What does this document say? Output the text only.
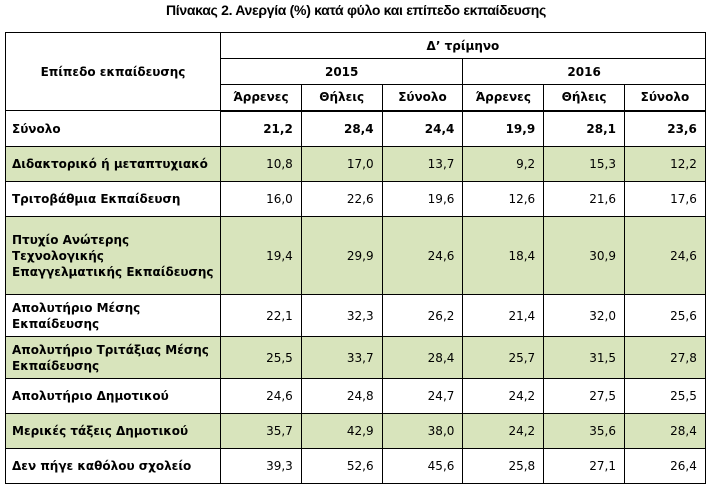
Πίνακας 2. Ανεργία (%) κατά φύλο και επίπεδο εκπαίδευσης
Επίπεδο εκπαίδευσης	Δ’ τρίμηνο					
	2015			2016		
	Άρρενες	Θήλεις	Σύνολο	Άρρενες	Θήλεις	Σύνολο
Σύνολο	21,2	28,4	24,4	19,9	28,1	23,6
Διδακτορικό ή μεταπτυχιακό	10,8	17,0	13,7	9,2	15,3	12,2
Τριτοβάθμια Εκπαίδευση	16,0	22,6	19,6	12,6	21,6	17,6
Πτυχίο Ανώτερης Τεχνολογικής Επαγγελματικής Εκπαίδευσης	19,4	29,9	24,6	18,4	30,9	24,6
Απολυτήριο Μέσης Εκπαίδευσης	22,1	32,3	26,2	21,4	32,0	25,6
Απολυτήριο Τριτάξιας Μέσης Εκπαίδευσης	25,5	33,7	28,4	25,7	31,5	27,8
Απολυτήριο Δημοτικού	24,6	24,8	24,7	24,2	27,5	25,5
Μερικές τάξεις Δημοτικού	35,7	42,9	38,0	24,2	35,6	28,4
Δεν πήγε καθόλου σχολείο	39,3	52,6	45,6	25,8	27,1	26,4
